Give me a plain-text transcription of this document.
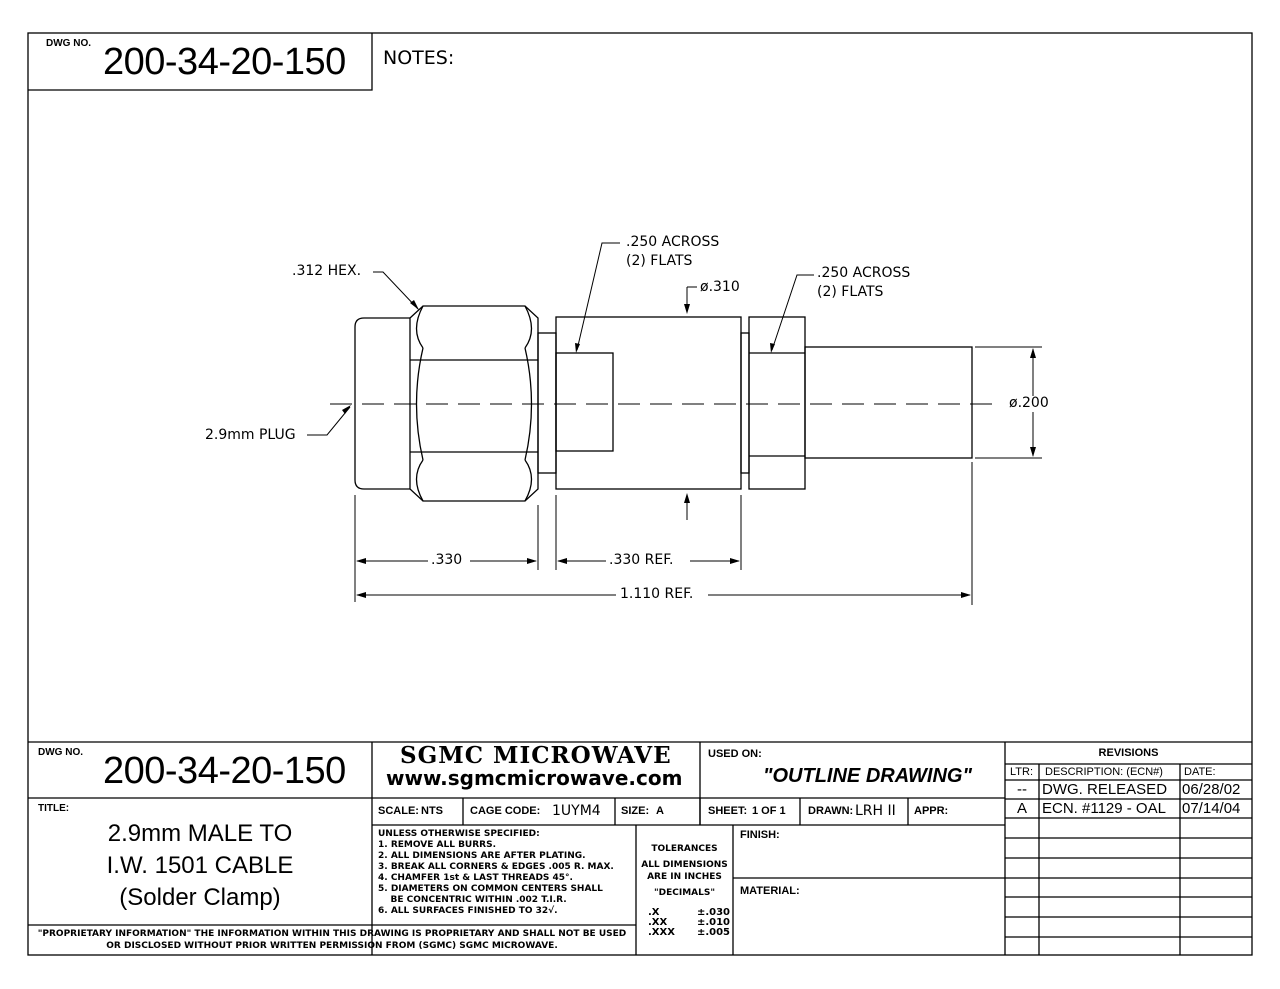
DWG NO. 200-34-20-150 NOTES:
.312 HEX.
2.9mm PLUG
.250 ACROSS
(2) FLATS
ø.310
.250 ACROSS
(2) FLATS
ø.200
.330	.330 REF.
1.110 REF.
DWG NO. 200-34-20-150 SGMC MICROWAVE
www.sgmcmicrowave.com
USED ON:
"OUTLINE DRAWING"
TITLE:
2.9mm MALE TO
I.W. 1501 CABLE
(Solder Clamp)
SCALE: NTS CAGE CODE: 1UYM4 SIZE: A	SHEET: 1 OF 1 DRAWN: LRH II APPR:
UNLESS OTHERWISE SPECIFIED:
1. REMOVE ALL BURRS.
2. ALL DIMENSIONS ARE AFTER PLATING.
3. BREAK ALL CORNERS & EDGES .005 R. MAX.
4. CHAMFER 1st & LAST THREADS 45°.
5. DIAMETERS ON COMMON CENTERS SHALL
BE CONCENTRIC WITHIN .002 T.I.R.
6. ALL SURFACES FINISHED TO 32√.
TOLERANCES
ALL DIMENSIONS
ARE IN INCHES
"DECIMALS"
.X	±.030
.XX	±.010
.XXX ±.005
FINISH:
MATERIAL:
"PROPRIETARY INFORMATION" THE INFORMATION WITHIN THIS DRAWING IS PROPRIETARY AND SHALL NOT BE USED
OR DISCLOSED WITHOUT PRIOR WRITTEN PERMISSION FROM (SGMC) SGMC MICROWAVE.
REVISIONS
LTR: DESCRIPTION: (ECN#) DATE:
--	DWG. RELEASED 06/28/02
A	ECN. #1129 - OAL	07/14/04
